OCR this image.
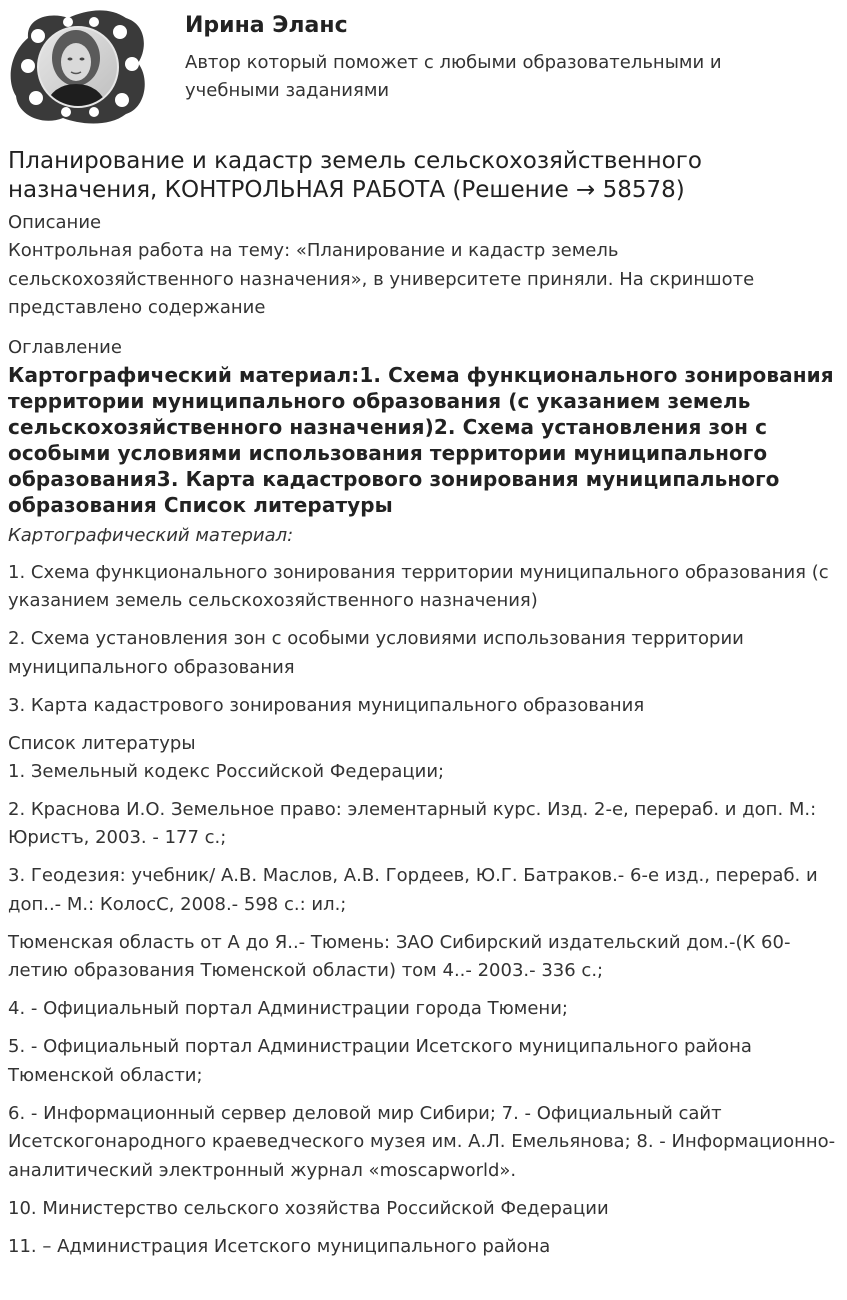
Ирина Эланс
Автор который поможет с любыми образовательными и учебными заданиями
Планирование и кадастр земель сельскохозяйственного назначения, КОНТРОЛЬНАЯ РАБОТА (Решение → 58578)
Описание

Контрольная работа на тему: «Планирование и кадастр земель сельскохозяйственного назначения», в университете приняли. На скриншоте представлено содержание

Оглавление

Картографический материал:1. Схема функционального зонирования территории муниципального образования (с указанием земель сельскохозяйственного назначения)2. Схема установления зон с особыми условиями использования территории муниципального образования3. Карта кадастрового зонирования муниципального образования Список литературы

Картографический материал:

1. Схема функционального зонирования территории муниципального образования (с указанием земель сельскохозяйственного назначения)

2. Схема установления зон с особыми условиями использования территории муниципального образования

3. Карта кадастрового зонирования муниципального образования

Список литературы

1. Земельный кодекс Российской Федерации;

2. Краснова И.О. Земельное право: элементарный курс. Изд. 2-е, перераб. и доп. М.: Юристъ, 2003. - 177 с.;

3. Геодезия: учебник/ А.В. Маслов, А.В. Гордеев, Ю.Г. Батраков.- 6-е изд., перераб. и доп..- М.: КолосС, 2008.- 598 с.: ил.;

Тюменская область от А до Я..- Тюмень: ЗАО Сибирский издательский дом.-(К 60-летию образования Тюменской области) том 4..- 2003.- 336 с.;

4. - Официальный портал Администрации города Тюмени;

5. - Официальный портал Администрации Исетского муниципального района Тюменской области;

6. - Информационный сервер деловой мир Сибири; 7. - Официальный сайт Исетскогонародного краеведческого музея им. А.Л. Емельянова; 8. - Информационно-аналитический электронный журнал «moscapworld».

10. Министерство сельского хозяйства Российской Федерации

11. – Администрация Исетского муниципального района
